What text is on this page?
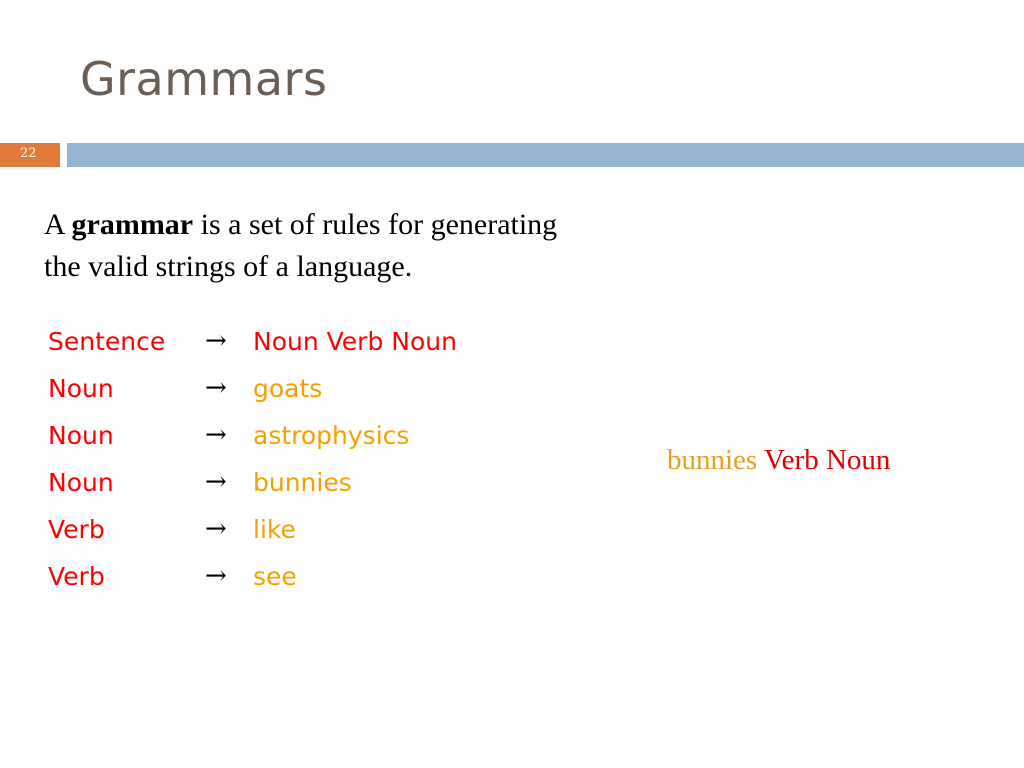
Grammars
22
A grammar is a set of rules for generating
the valid strings of a language.
Sentence → Noun Verb Noun
Noun	→ goats
Noun	→ astrophysics
Noun	→ bunnies
Verb	→ like
Verb	→ see
bunnies Verb Noun
